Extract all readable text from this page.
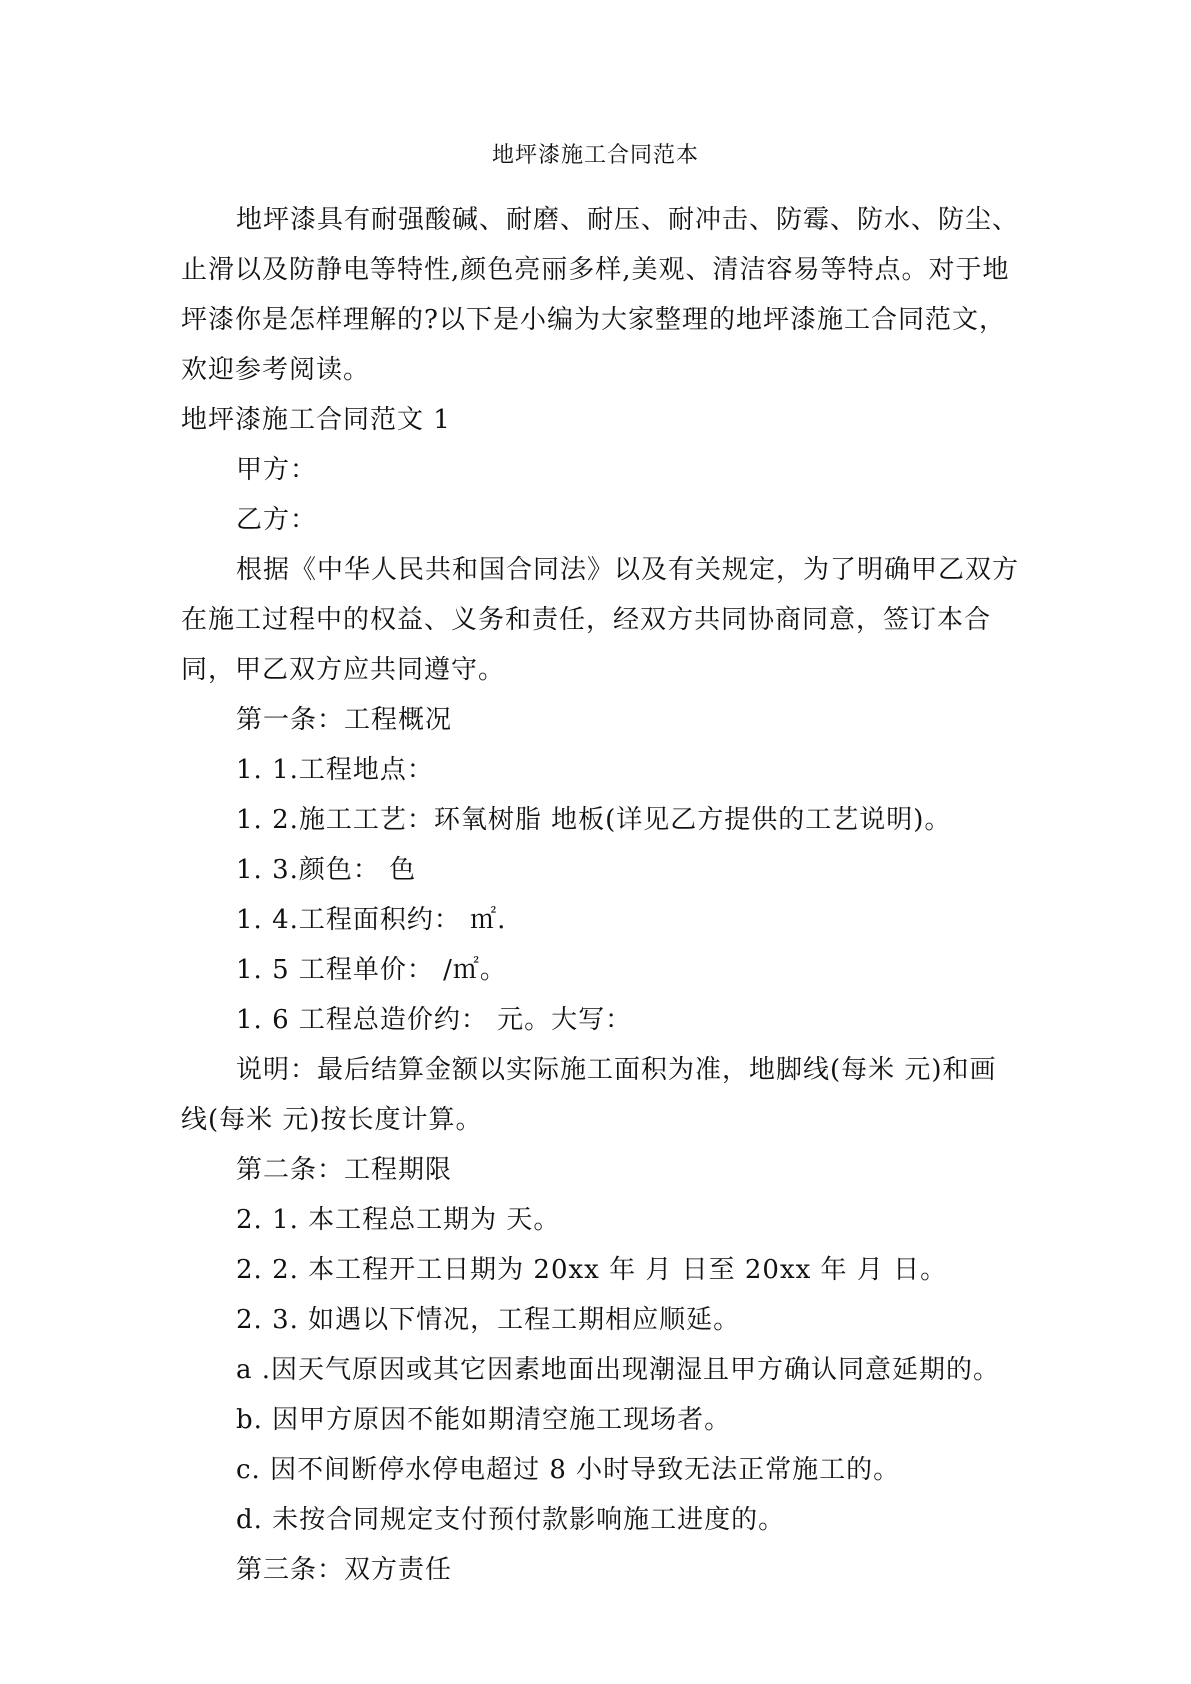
地坪漆施工合同范本

地坪漆具有耐强酸碱、耐磨、耐压、耐冲击、防霉、防水、防尘、止滑以及防静电等特性,颜色亮丽多样,美观、清洁容易等特点。对于地坪漆你是怎样理解的?以下是小编为大家整理的地坪漆施工合同范文，欢迎参考阅读。

地坪漆施工合同范文 1

甲方：

乙方：

根据《中华人民共和国合同法》以及有关规定，为了明确甲乙双方在施工过程中的权益、义务和责任，经双方共同协商同意，签订本合同，甲乙双方应共同遵守。

第一条：工程概况

1. 1.工程地点：

1. 2.施工工艺：环氧树脂 地板(详见乙方提供的工艺说明)。

1. 3.颜色： 色

1. 4.工程面积约： ㎡.

1. 5 工程单价： /㎡。

1. 6 工程总造价约： 元。大写：

说明：最后结算金额以实际施工面积为准，地脚线(每米 元)和画线(每米 元)按长度计算。

第二条：工程期限

2. 1. 本工程总工期为 天。

2. 2. 本工程开工日期为 20xx 年 月 日至 20xx 年 月 日。

2. 3. 如遇以下情况，工程工期相应顺延。

a .因天气原因或其它因素地面出现潮湿且甲方确认同意延期的。

b. 因甲方原因不能如期清空施工现场者。

c. 因不间断停水停电超过 8 小时导致无法正常施工的。

d. 未按合同规定支付预付款影响施工进度的。

第三条：双方责任
